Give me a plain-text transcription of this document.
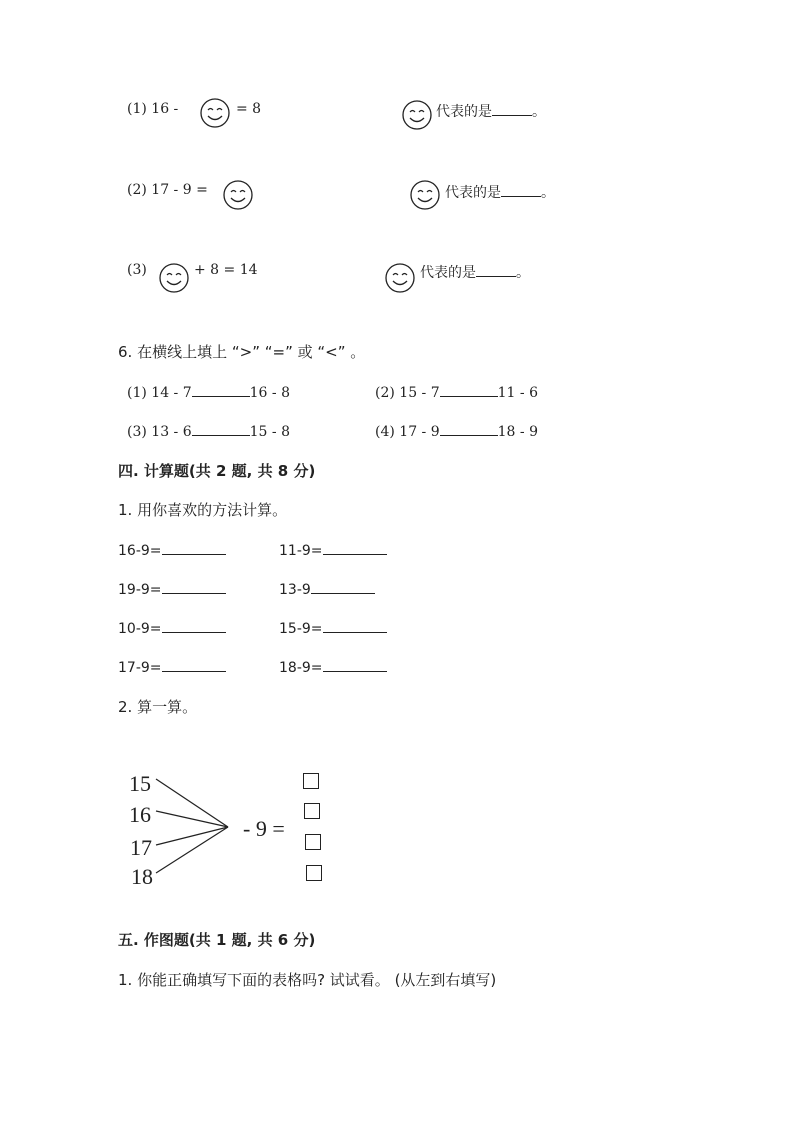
(1) 16 -	= 8	代表的是	。
(2) 17 - 9 =	代表的是	。
(3)	+ 8 = 14	代表的是	。
6. 在横线上填上 “>” “=” 或 “<” 。
(1) 14 - 7	16 - 8	(2) 15 - 7	11 - 6
(3) 13 - 6	15 - 8	(4) 17 - 9	18 - 9
四. 计算题(共 2 题, 共 8 分)
1. 用你喜欢的方法计算。
16-9=	11-9=
19-9=	13-9
10-9=	15-9=
17-9=	18-9=
2. 算一算。
15
16
17
18
- 9 =
五. 作图题(共 1 题, 共 6 分)
1. 你能正确填写下面的表格吗? 试试看。 (从左到右填写)
